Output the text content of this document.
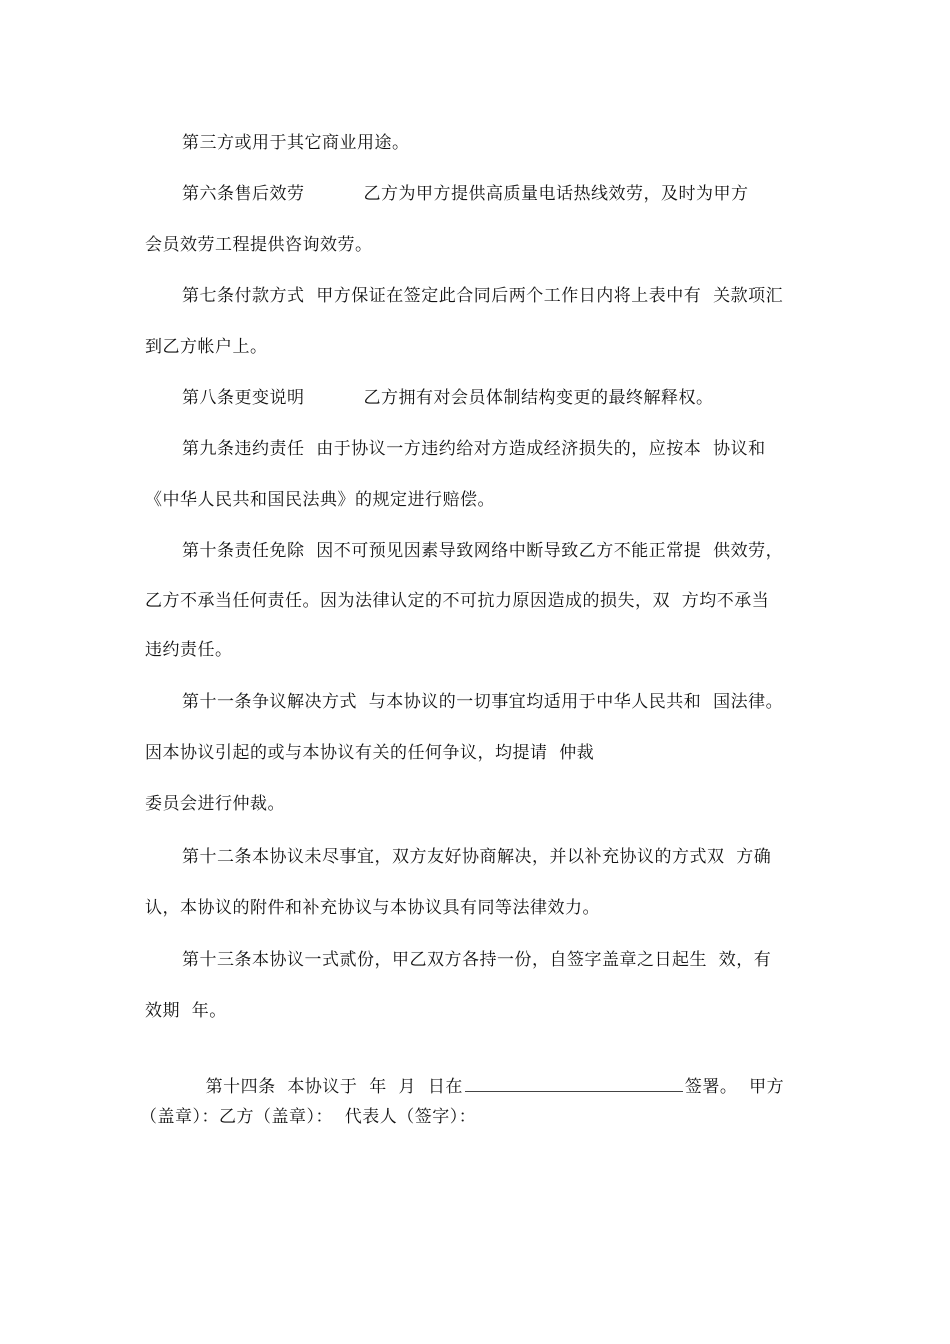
第三方或用于其它商业用途。
第六条售后效劳          乙方为甲方提供高质量电话热线效劳，及时为甲方
会员效劳工程提供咨询效劳。
第七条付款方式  甲方保证在签定此合同后两个工作日内将上表中有  关款项汇
到乙方帐户上。
第八条更变说明          乙方拥有对会员体制结构变更的最终解释权。
第九条违约责任  由于协议一方违约给对方造成经济损失的，应按本  协议和
《中华人民共和国民法典》的规定进行赔偿。
第十条责任免除  因不可预见因素导致网络中断导致乙方不能正常提  供效劳，
乙方不承当任何责任。因为法律认定的不可抗力原因造成的损失，双  方均不承当
违约责任。
第十一条争议解决方式  与本协议的一切事宜均适用于中华人民共和  国法律。
因本协议引起的或与本协议有关的任何争议，均提请  仲裁
委员会进行仲裁。
第十二条本协议未尽事宜，双方友好协商解决，并以补充协议的方式双  方确
认，本协议的附件和补充协议与本协议具有同等法律效力。
第十三条本协议一式贰份，甲乙双方各持一份，自签字盖章之日起生  效，有
效期  年。

第十四条  本协议于  年  月  日在	签署。  甲方

（盖章）：乙方（盖章）：  代表人（签字）：
